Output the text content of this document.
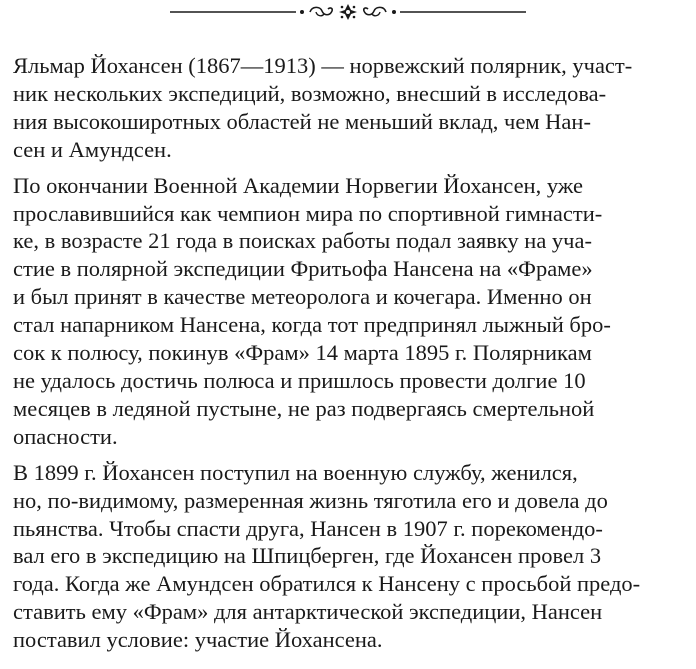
Яльмар Йохансен (1867—1913) — норвежский полярник, участ-
ник нескольких экспедиций, возможно, внесший в исследова-
ния высокоширотных областей не меньший вклад, чем Нан-
сен и Амундсен.

По окончании Военной Академии Норвегии Йохансен, уже
прославившийся как чемпион мира по спортивной гимнасти-
ке, в возрасте 21 года в поисках работы подал заявку на уча-
стие в полярной экспедиции Фритьофа Нансена на «Фраме»
и был принят в качестве метеоролога и кочегара. Именно он
стал напарником Нансена, когда тот предпринял лыжный бро-
сок к полюсу, покинув «Фрам» 14 марта 1895 г. Полярникам
не удалось достичь полюса и пришлось провести долгие 10
месяцев в ледяной пустыне, не раз подвергаясь смертельной
опасности.

В 1899 г. Йохансен поступил на военную службу, женился,
но, по-видимому, размеренная жизнь тяготила его и довела до
пьянства. Чтобы спасти друга, Нансен в 1907 г. порекомендо-
вал его в экспедицию на Шпицберген, где Йохансен провел 3
года. Когда же Амундсен обратился к Нансену с просьбой предо-
ставить ему «Фрам» для антарктической экспедиции, Нансен
поставил условие: участие Йохансена.
